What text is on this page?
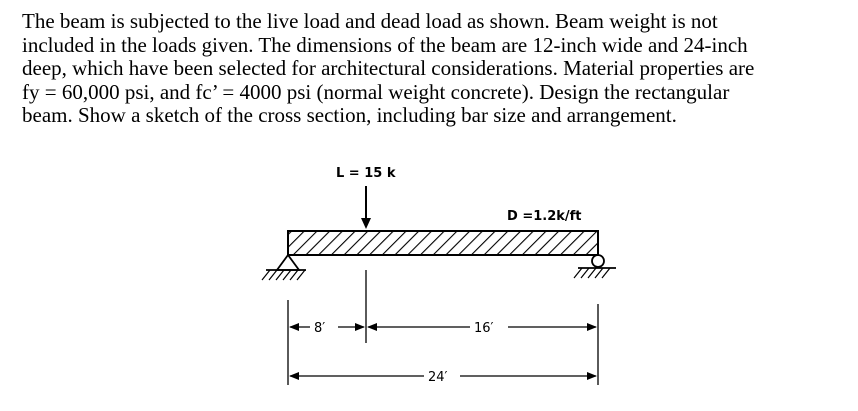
The beam is subjected to the live load and dead load as shown. Beam weight is not
included in the loads given. The dimensions of the beam are 12-inch wide and 24-inch
deep, which have been selected for architectural considerations. Material properties are
fy = 60,000 psi, and fc’ = 4000 psi (normal weight concrete). Design the rectangular
beam. Show a sketch of the cross section, including bar size and arrangement.
L = 15 k
D =1.2k/ft
8′	16′
24′
